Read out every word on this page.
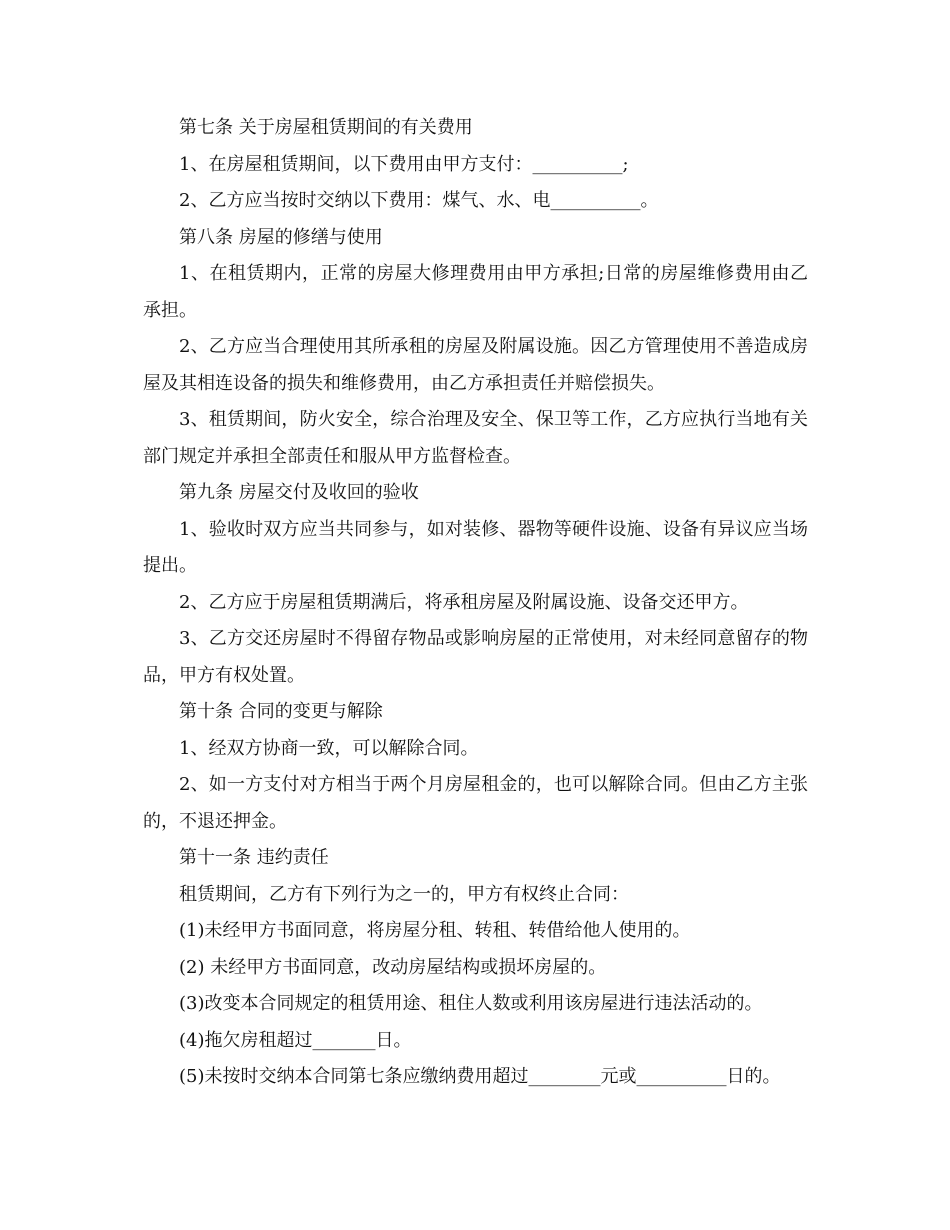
第七条 关于房屋租赁期间的有关费用

1、在房屋租赁期间，以下费用由甲方支付：__________;

2、乙方应当按时交纳以下费用：煤气、水、电__________。

第八条 房屋的修缮与使用

1、在租赁期内，正常的房屋大修理费用由甲方承担;日常的房屋维修费用由乙承担。

2、乙方应当合理使用其所承租的房屋及附属设施。因乙方管理使用不善造成房屋及其相连设备的损失和维修费用，由乙方承担责任并赔偿损失。

3、租赁期间，防火安全，综合治理及安全、保卫等工作，乙方应执行当地有关部门规定并承担全部责任和服从甲方监督检查。

第九条 房屋交付及收回的验收

1、验收时双方应当共同参与，如对装修、器物等硬件设施、设备有异议应当场提出。

2、乙方应于房屋租赁期满后，将承租房屋及附属设施、设备交还甲方。

3、乙方交还房屋时不得留存物品或影响房屋的正常使用，对未经同意留存的物品，甲方有权处置。

第十条 合同的变更与解除

1、经双方协商一致，可以解除合同。

2、如一方支付对方相当于两个月房屋租金的，也可以解除合同。但由乙方主张的，不退还押金。

第十一条 违约责任

租赁期间，乙方有下列行为之一的，甲方有权终止合同：

(1)未经甲方书面同意，将房屋分租、转租、转借给他人使用的。

(2) 未经甲方书面同意，改动房屋结构或损坏房屋的。

(3)改变本合同规定的租赁用途、租住人数或利用该房屋进行违法活动的。

(4)拖欠房租超过_______日。

(5)未按时交纳本合同第七条应缴纳费用超过________元或__________日的。
